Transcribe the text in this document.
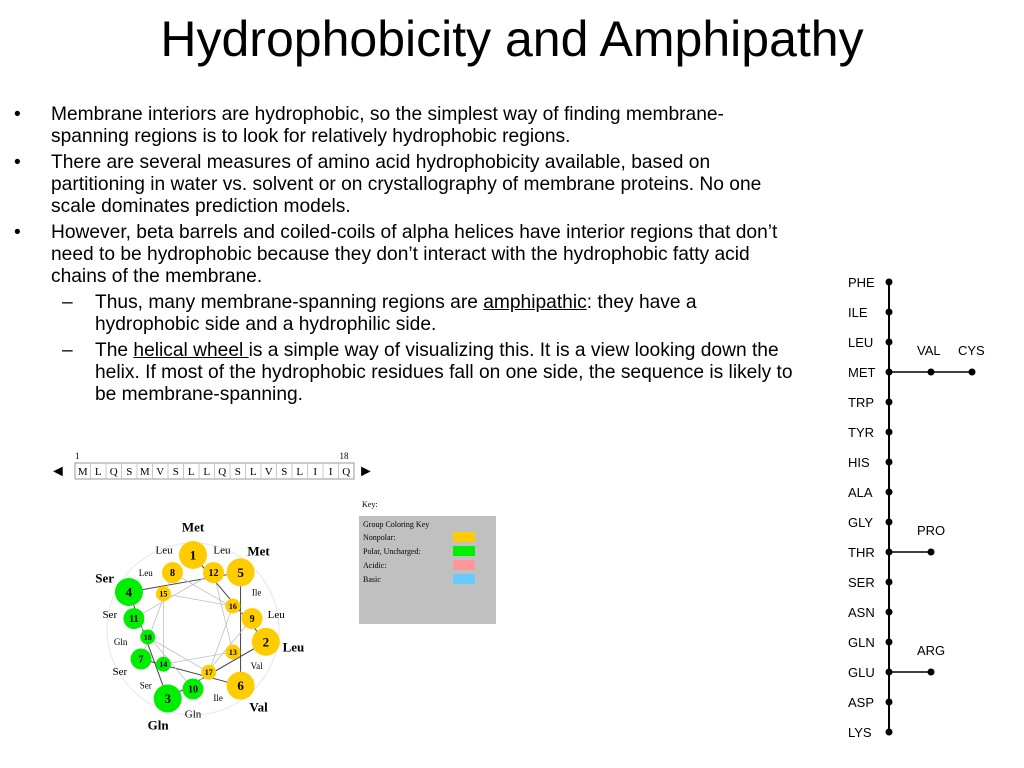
Hydrophobicity and Amphipathy
• Membrane interiors are hydrophobic, so the simplest way of finding membrane-spanning regions is to look for relatively hydrophobic regions.
• There are several measures of amino acid hydrophobicity available, based on partitioning in water vs. solvent or on crystallography of membrane proteins. No one scale dominates prediction models.
• However, beta barrels and coiled-coils of alpha helices have interior regions that don’t need to be hydrophobic because they don’t interact with the hydrophobic fatty acid chains of the membrane.
– Thus, many membrane-spanning regions are amphipathic: they have a hydrophobic side and a hydrophilic side.
– The helical wheel is a simple way of visualizing this. It is a view looking down the helix. If most of the hydrophobic residues fall on one side, the sequence is likely to be membrane-spanning.
1	18
◄	►
M L Q S M V S L L Q S L V S L I I Q
18
Gln
17
Ile
16
Ile
15
Leu
14
Ser
13
Val
12
Leu
11
Ser
10
Gln
9 Leu
8
Leu
7
Ser
6
Val
5
Met
4
Ser
3
Gln
2 Leu
1
Met
Key:
Group Coloring Key
Nonpolar:
Polar, Uncharged:
Acidic:
Basic
PHE
ILE
LEU
MET
TRP
TYR
HIS
ALA
GLY
THR
SER
ASN
GLN
GLU
ASP
LYS
VAL CYS
PRO
ARG
